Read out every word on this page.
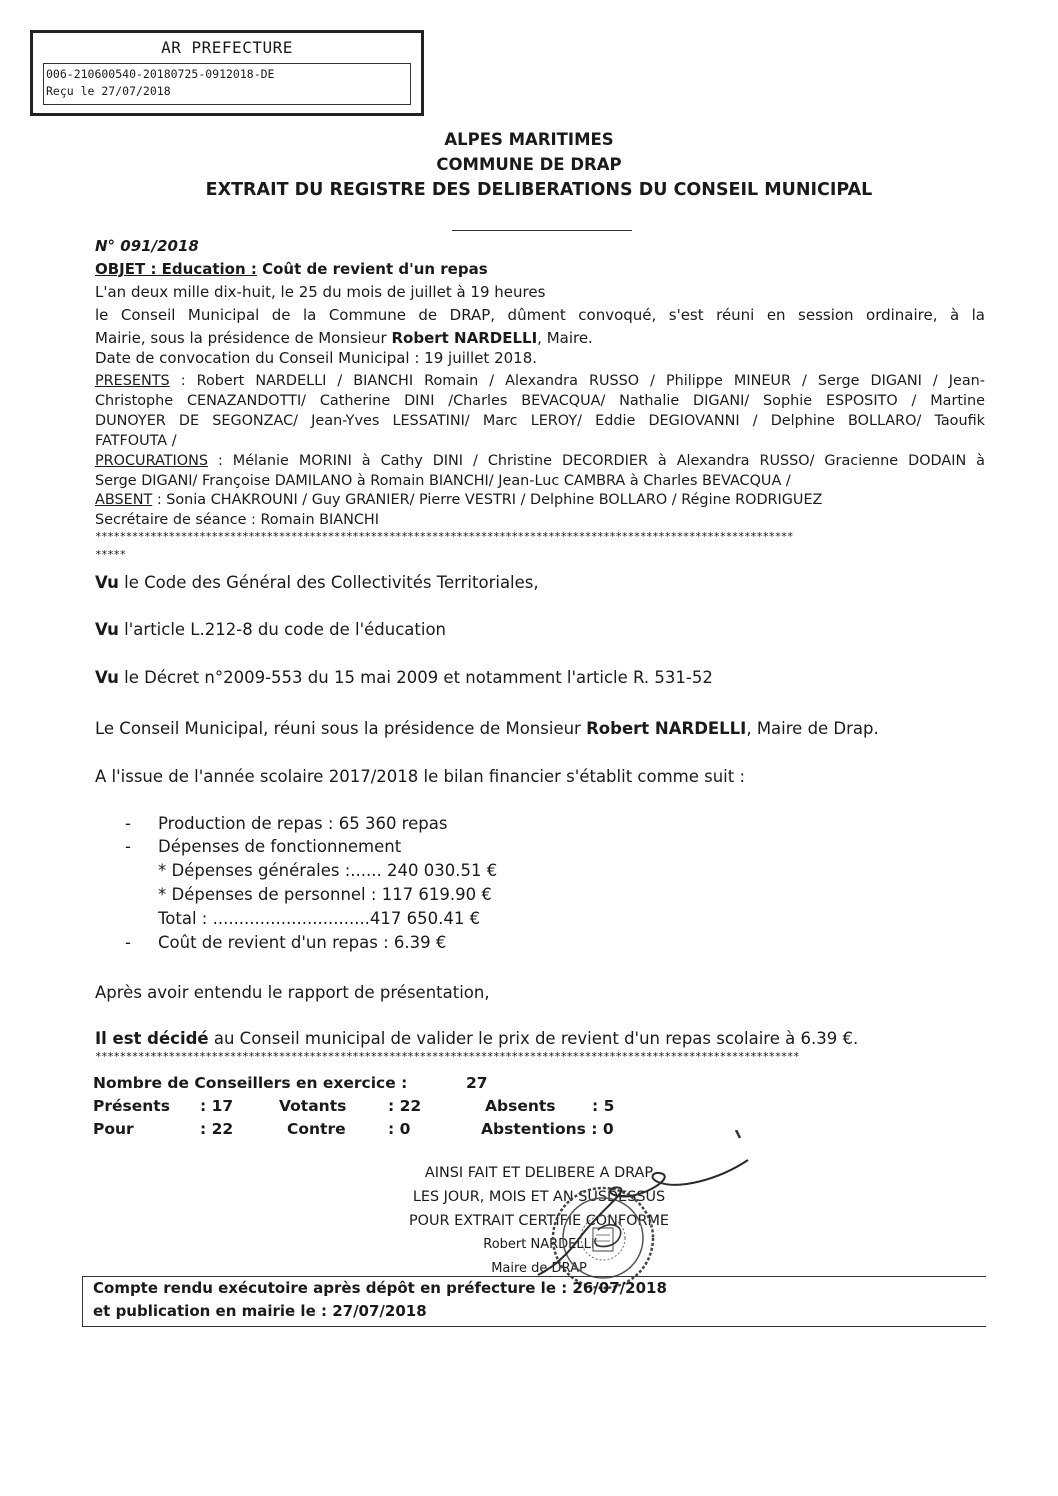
AR PREFECTURE
006-210600540-20180725-0912018-DE
Reçu le 27/07/2018
ALPES MARITIMES
COMMUNE DE DRAP
EXTRAIT DU REGISTRE DES DELIBERATIONS DU CONSEIL MUNICIPAL
N° 091/2018
OBJET : Education : Coût de revient d'un repas
L'an deux mille dix-huit, le 25 du mois de juillet à 19 heures
le Conseil Municipal de la Commune de DRAP, dûment convoqué, s'est réuni en session ordinaire, à la
Mairie, sous la présidence de Monsieur Robert NARDELLI, Maire.
Date de convocation du Conseil Municipal : 19 juillet 2018.
PRESENTS : Robert NARDELLI / BIANCHI Romain / Alexandra RUSSO / Philippe MINEUR / Serge DIGANI / Jean-
Christophe CENAZANDOTTI/ Catherine DINI /Charles BEVACQUA/ Nathalie DIGANI/ Sophie ESPOSITO / Martine
DUNOYER DE SEGONZAC/ Jean-Yves LESSATINI/ Marc LEROY/ Eddie DEGIOVANNI / Delphine BOLLARO/ Taoufik
FATFOUTA /
PROCURATIONS : Mélanie MORINI à Cathy DINI / Christine DECORDIER à Alexandra RUSSO/ Gracienne DODAIN à
Serge DIGANI/ Françoise DAMILANO à Romain BIANCHI/ Jean-Luc CAMBRA à Charles BEVACQUA /
ABSENT : Sonia CHAKROUNI / Guy GRANIER/ Pierre VESTRI / Delphine BOLLARO / Régine RODRIGUEZ
Secrétaire de séance : Romain BIANCHI
******************************************************************************************************************
*****
Vu le Code des Général des Collectivités Territoriales,
Vu l'article L.212-8 du code de l'éducation
Vu le Décret n°2009-553 du 15 mai 2009 et notamment l'article R. 531-52
Le Conseil Municipal, réuni sous la présidence de Monsieur Robert NARDELLI, Maire de Drap.
A l'issue de l'année scolaire 2017/2018 le bilan financier s'établit comme suit :
- Production de repas : 65 360 repas
- Dépenses de fonctionnement
* Dépenses générales :...... 240 030.51 €
* Dépenses de personnel : 117 619.90 €
Total : ..............................417 650.41 €
- Coût de revient d'un repas : 6.39 €
Après avoir entendu le rapport de présentation,
Il est décidé au Conseil municipal de valider le prix de revient d'un repas scolaire à 6.39 €.
*******************************************************************************************************************
Nombre de Conseillers en exercice :	27
Présents : 17	Votants	: 22	Absents : 5
Pour	: 22	Contre	: 0	Abstentions : 0
AINSI FAIT ET DELIBERE A DRAP
LES JOUR, MOIS ET AN SUSDESSUS
POUR EXTRAIT CERTIFIE CONFORME
Robert NARDELLI
Maire de DRAP
Compte rendu exécutoire après dépôt en préfecture le : 26/07/2018
et publication en mairie le : 27/07/2018
